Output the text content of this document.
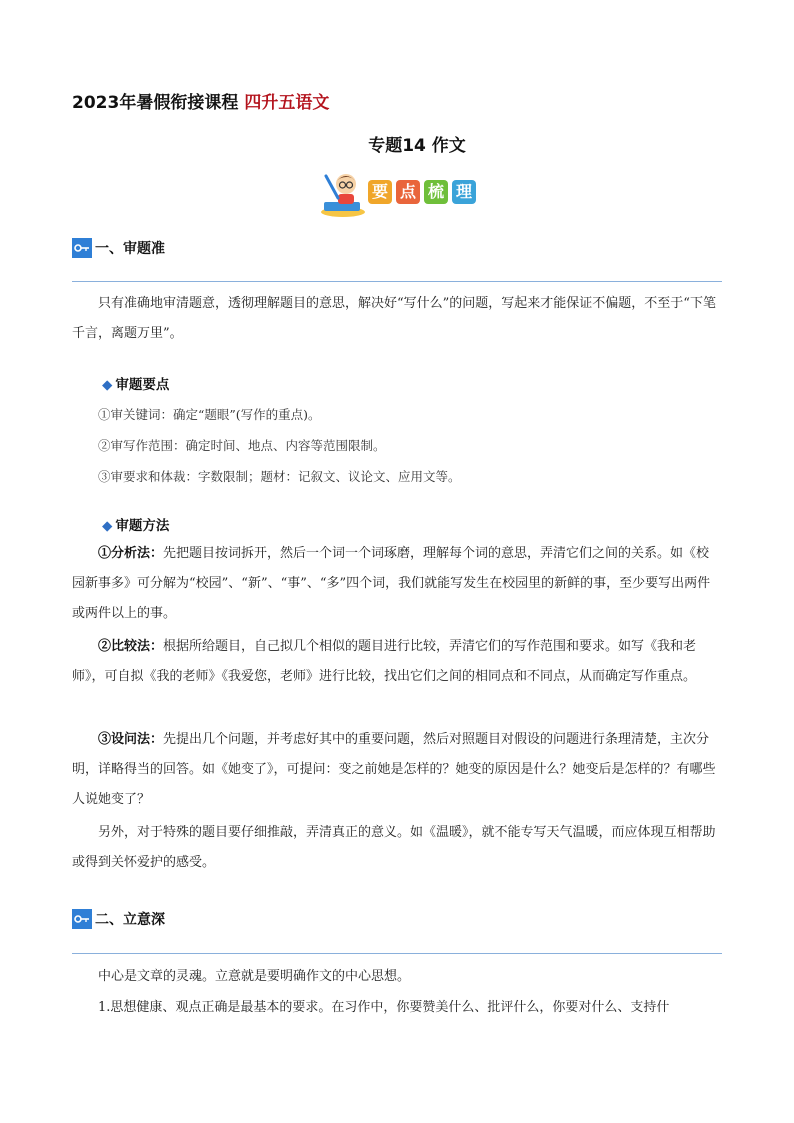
2023年暑假衔接课程 四升五语文
专题14 作文
要 点 梳 理
一、审题准

只有准确地审清题意，透彻理解题目的意思，解决好“写什么”的问题，写起来才能保证不偏题，不至于“下笔千言，离题万里”。

◆ 审题要点
①审关键词：确定“题眼”(写作的重点)。
②审写作范围：确定时间、地点、内容等范围限制。
③审要求和体裁：字数限制；题材：记叙文、议论文、应用文等。
◆ 审题方法

①分析法：先把题目按词拆开，然后一个词一个词琢磨，理解每个词的意思，弄清它们之间的关系。如《校园新事多》可分解为“校园”、“新”、“事”、“多”四个词，我们就能写发生在校园里的新鲜的事，至少要写出两件或两件以上的事。

②比较法：根据所给题目，自己拟几个相似的题目进行比较，弄清它们的写作范围和要求。如写《我和老师》，可自拟《我的老师》《我爱您，老师》进行比较，找出它们之间的相同点和不同点，从而确定写作重点。

③设问法：先提出几个问题，并考虑好其中的重要问题，然后对照题目对假设的问题进行条理清楚，主次分明，详略得当的回答。如《她变了》，可提问：变之前她是怎样的？她变的原因是什么？她变后是怎样的？有哪些人说她变了？

另外，对于特殊的题目要仔细推敲，弄清真正的意义。如《温暖》，就不能专写天气温暖，而应体现互相帮助或得到关怀爱护的感受。

二、立意深

中心是文章的灵魂。立意就是要明确作文的中心思想。

1.思想健康、观点正确是最基本的要求。在习作中，你要赞美什么、批评什么，你要对什么、支持什
